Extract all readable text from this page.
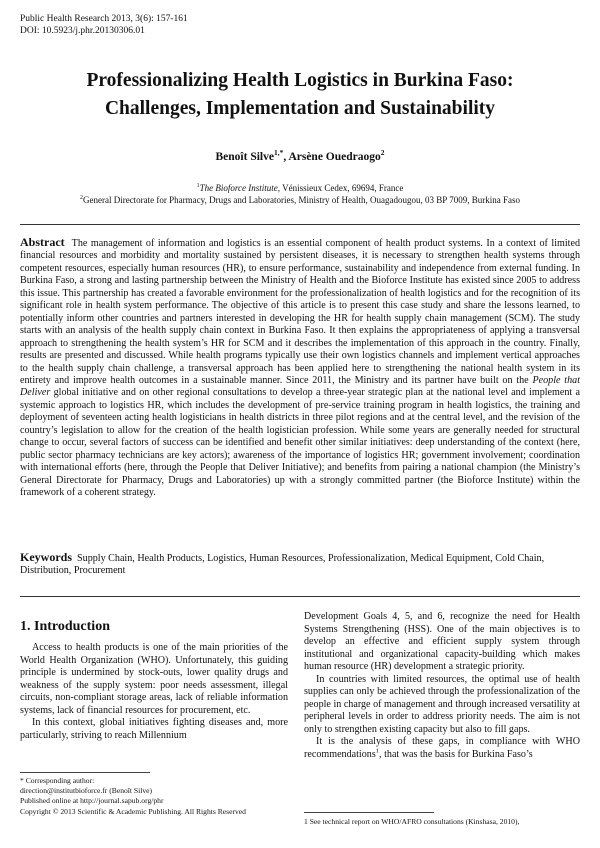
Public Health Research 2013, 3(6): 157-161
DOI: 10.5923/j.phr.20130306.01
Professionalizing Health Logistics in Burkina Faso:
Challenges, Implementation and Sustainability
Benoît Silve$^{1,*}$, Arsène Ouedraogo$^2$
$^1$The Bioforce Institute, Vénissieux Cedex, 69694, France
$^2$General Directorate for Pharmacy, Drugs and Laboratories, Ministry of Health, Ouagadougou, 03 BP 7009, Burkina Faso

Abstract The management of information and logistics is an essential component of health product systems. In a context of limited financial resources and morbidity and mortality sustained by persistent diseases, it is necessary to strengthen health systems through competent resources, especially human resources (HR), to ensure performance, sustainability and independence from external funding. In Burkina Faso, a strong and lasting partnership between the Ministry of Health and the Bioforce Institute has existed since 2005 to address this issue. This partnership has created a favorable environment for the professionalization of health logistics and for the recognition of its significant role in health system performance. The objective of this article is to present this case study and share the lessons learned, to potentially inform other countries and partners interested in developing the HR for health supply chain management (SCM). The study starts with an analysis of the health supply chain context in Burkina Faso. It then explains the appropriateness of applying a transversal approach to strengthening the health system’s HR for SCM and it describes the implementation of this approach in the country. Finally, results are presented and discussed. While health programs typically use their own logistics channels and implement vertical approaches to the health supply chain challenge, a transversal approach has been applied here to strengthening the national health system in its entirety and improve health outcomes in a sustainable manner. Since 2011, the Ministry and its partner have built on the People that Deliver global initiative and on other regional consultations to develop a three-year strategic plan at the national level and implement a systemic approach to logistics HR, which includes the development of pre-service training program in health logistics, the training and deployment of seventeen acting health logisticians in health districts in three pilot regions and at the central level, and the revision of the country’s legislation to allow for the creation of the health logistician profession. While some years are generally needed for structural change to occur, several factors of success can be identified and benefit other similar initiatives: deep understanding of the context (here, public sector pharmacy technicians are key actors); awareness of the importance of logistics HR; government involvement; coordination with international efforts (here, through the People that Deliver Initiative); and benefits from pairing a national champion (the Ministry’s General Directorate for Pharmacy, Drugs and Laboratories) up with a strongly committed partner (the Bioforce Institute) within the framework of a coherent strategy.

Keywords Supply Chain, Health Products, Logistics, Human Resources, Professionalization, Medical Equipment, Cold Chain, Distribution, Procurement

1. Introduction

Access to health products is one of the main priorities of the World Health Organization (WHO). Unfortunately, this guiding principle is undermined by stock-outs, lower quality drugs and weakness of the supply system: poor needs assessment, illegal circuits, non-compliant storage areas, lack of reliable information systems, lack of financial resources for procurement, etc.

In this context, global initiatives fighting diseases and, more particularly, striving to reach Millennium

Development Goals 4, 5, and 6, recognize the need for Health Systems Strengthening (HSS). One of the main objectives is to develop an effective and efficient supply system through institutional and organizational capacity-building which makes human resource (HR) development a strategic priority.

In countries with limited resources, the optimal use of health supplies can only be achieved through the professionalization of the people in charge of management and through increased versatility at peripheral levels in order to address priority needs. The aim is not only to strengthen existing capacity but also to fill gaps.

It is the analysis of these gaps, in compliance with WHO recommendations$^1$, that was the basis for Burkina Faso’s

* Corresponding author:
direction@institutbioforce.fr (Benoît Silve)
Published online at http://journal.sapub.org/phr
Copyright © 2013 Scientific & Academic Publishing. All Rights Reserved
1 See technical report on WHO/AFRO consultations (Kinshasa, 2010),
